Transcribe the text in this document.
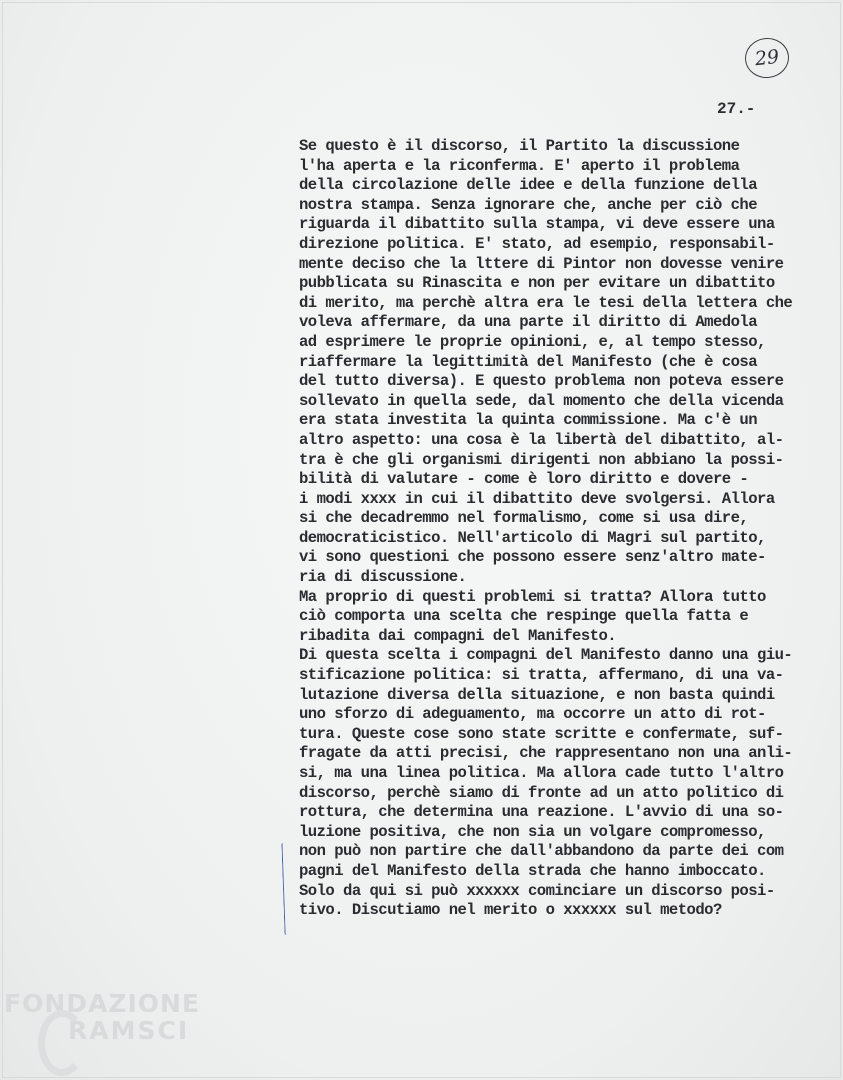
29
27.-
Se questo è il discorso, il Partito la discussione
l'ha aperta e la riconferma. E' aperto il problema
della circolazione delle idee e della funzione della
nostra stampa. Senza ignorare che, anche per ciò che
riguarda il dibattito sulla stampa, vi deve essere una
direzione politica. E' stato, ad esempio, responsabil-
mente deciso che la lttere di Pintor non dovesse venire
pubblicata su Rinascita e non per evitare un dibattito
di merito, ma perchè altra era le tesi della lettera che
voleva affermare, da una parte il diritto di Amedola
ad esprimere le proprie opinioni, e, al tempo stesso,
riaffermare la legittimità del Manifesto (che è cosa
del tutto diversa). E questo problema non poteva essere
sollevato in quella sede, dal momento che della vicenda
era stata investita la quinta commissione. Ma c'è un
altro aspetto: una cosa è la libertà del dibattito, al-
tra è che gli organismi dirigenti non abbiano la possi-
bilità di valutare - come è loro diritto e dovere -
i modi xxxx in cui il dibattito deve svolgersi. Allora
si che decadremmo nel formalismo, come si usa dire,
democraticistico. Nell'articolo di Magri sul partito,
vi sono questioni che possono essere senz'altro mate-
ria di discussione.
Ma proprio di questi problemi si tratta? Allora tutto
ciò comporta una scelta che respinge quella fatta e
ribadita dai compagni del Manifesto.
Di questa scelta i compagni del Manifesto danno una giu-
stificazione politica: si tratta, affermano, di una va-
lutazione diversa della situazione, e non basta quindi
uno sforzo di adeguamento, ma occorre un atto di rot-
tura. Queste cose sono state scritte e confermate, suf-
fragate da atti precisi, che rappresentano non una anli-
si, ma una linea politica. Ma allora cade tutto l'altro
discorso, perchè siamo di fronte ad un atto politico di
rottura, che determina una reazione. L'avvio di una so-
luzione positiva, che non sia un volgare compromesso,
non può non partire che dall'abbandono da parte dei com
pagni del Manifesto della strada che hanno imboccato.
Solo da qui si può xxxxxx cominciare un discorso posi-
tivo. Discutiamo nel merito o xxxxxx sul metodo?
FONDAZIONE
RAMSCI
